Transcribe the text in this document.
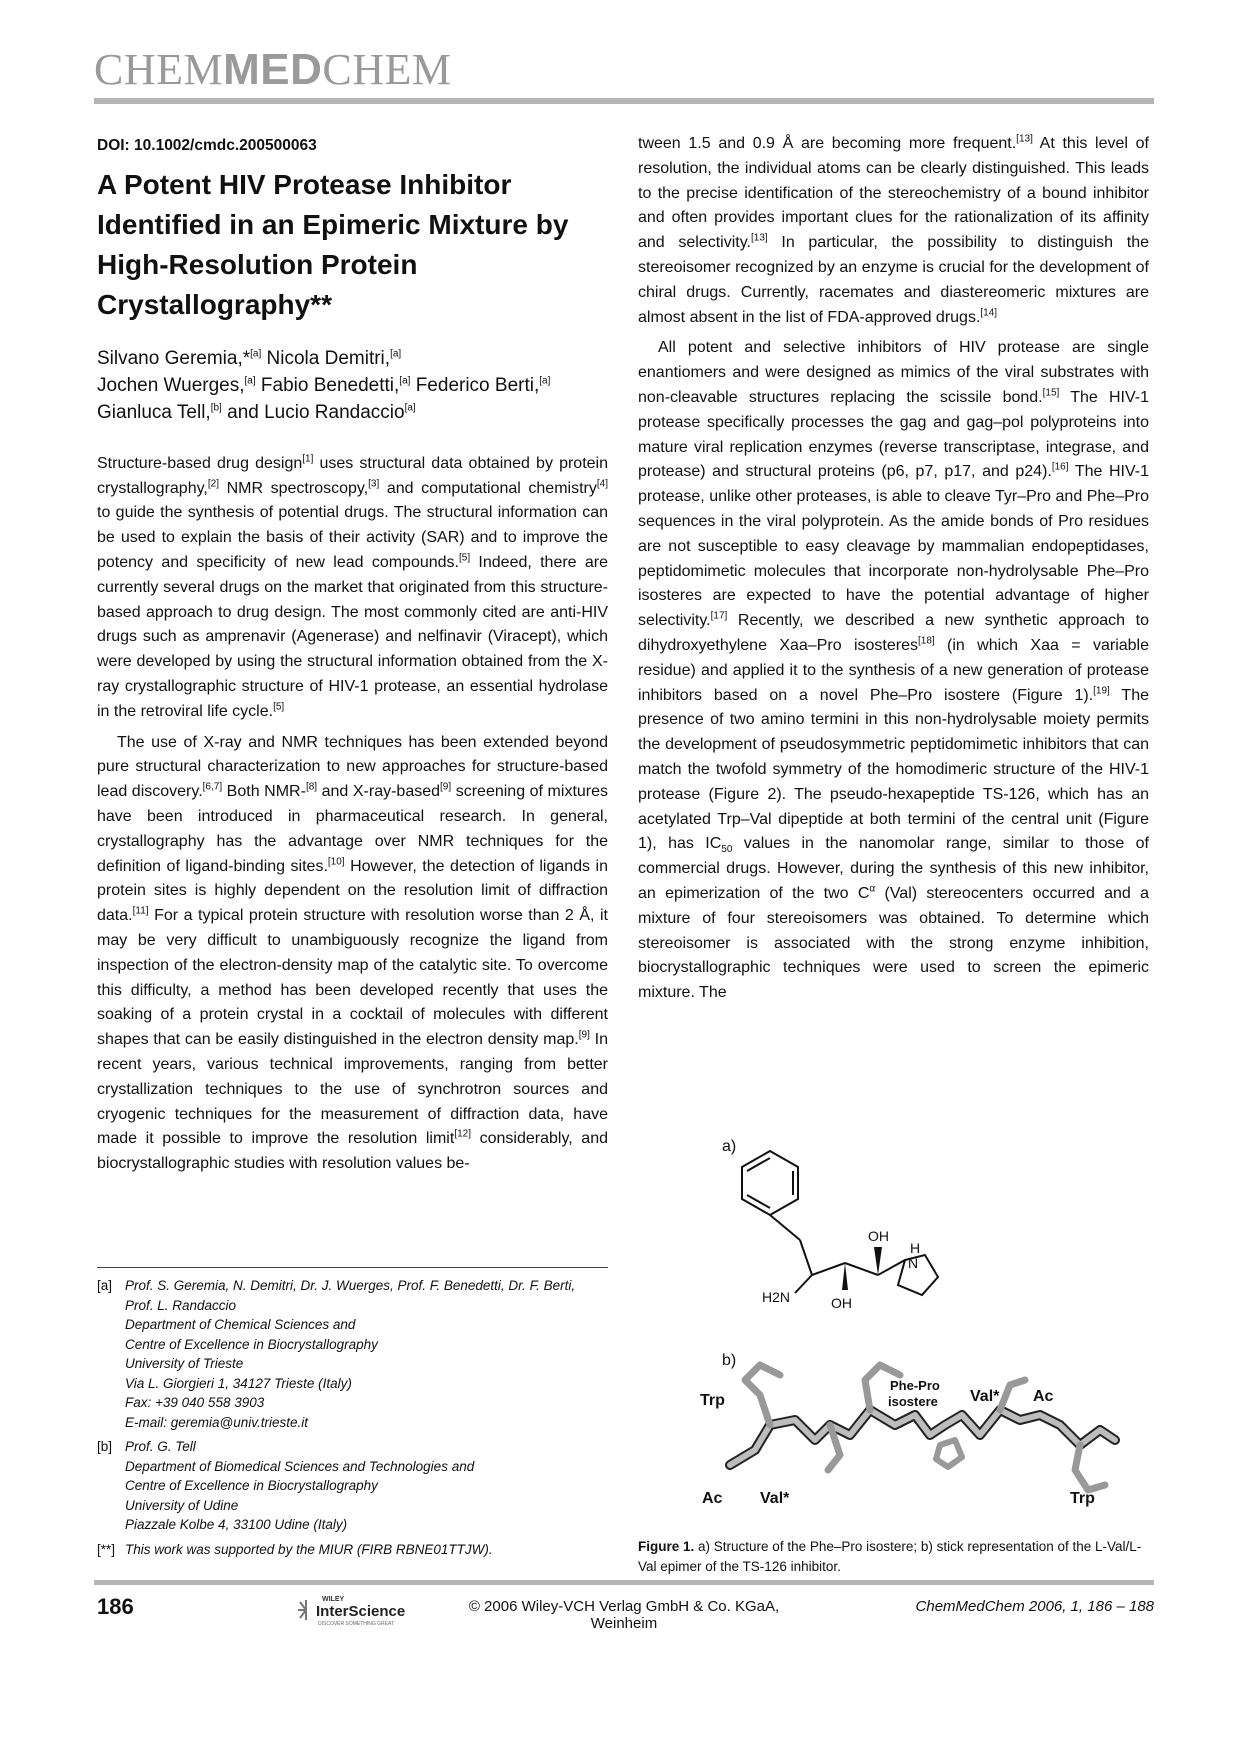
CHEMMEDCHEM
DOI: 10.1002/cmdc.200500063
A Potent HIV Protease Inhibitor Identified in an Epimeric Mixture by High-Resolution Protein Crystallography**
Silvano Geremia,*[a] Nicola Demitri,[a]
Jochen Wuerges,[a] Fabio Benedetti,[a] Federico Berti,[a]
Gianluca Tell,[b] and Lucio Randaccio[a]

Structure-based drug design[1] uses structural data obtained by protein crystallography,[2] NMR spectroscopy,[3] and computational chemistry[4] to guide the synthesis of potential drugs. The structural information can be used to explain the basis of their activity (SAR) and to improve the potency and specificity of new lead compounds.[5] Indeed, there are currently several drugs on the market that originated from this structure-based approach to drug design. The most commonly cited are anti-HIV drugs such as amprenavir (Agenerase) and nelfinavir (Viracept), which were developed by using the structural information obtained from the X-ray crystallographic structure of HIV-1 protease, an essential hydrolase in the retroviral life cycle.[5]

The use of X-ray and NMR techniques has been extended beyond pure structural characterization to new approaches for structure-based lead discovery.[6,7] Both NMR-[8] and X-ray-based[9] screening of mixtures have been introduced in pharmaceutical research. In general, crystallography has the advantage over NMR techniques for the definition of ligand-binding sites.[10] However, the detection of ligands in protein sites is highly dependent on the resolution limit of diffraction data.[11] For a typical protein structure with resolution worse than 2 Å, it may be very difficult to unambiguously recognize the ligand from inspection of the electron-density map of the catalytic site. To overcome this difficulty, a method has been developed recently that uses the soaking of a protein crystal in a cocktail of molecules with different shapes that can be easily distinguished in the electron density map.[9] In recent years, various technical improvements, ranging from better crystallization techniques to the use of synchrotron sources and cryogenic techniques for the measurement of diffraction data, have made it possible to improve the resolution limit[12] considerably, and biocrystallographic studies with resolution values be-

[a] Prof. S. Geremia, N. Demitri, Dr. J. Wuerges, Prof. F. Benedetti, Dr. F. Berti,
Prof. L. Randaccio
Department of Chemical Sciences and
Centre of Excellence in Biocrystallography
University of Trieste
Via L. Giorgieri 1, 34127 Trieste (Italy)
Fax: +39 040 558 3903
E-mail: geremia@univ.trieste.it
[b] Prof. G. Tell
Department of Biomedical Sciences and Technologies and
Centre of Excellence in Biocrystallography
University of Udine
Piazzale Kolbe 4, 33100 Udine (Italy)
[**] This work was supported by the MIUR (FIRB RBNE01TTJW).

tween 1.5 and 0.9 Å are becoming more frequent.[13] At this level of resolution, the individual atoms can be clearly distinguished. This leads to the precise identification of the stereochemistry of a bound inhibitor and often provides important clues for the rationalization of its affinity and selectivity.[13] In particular, the possibility to distinguish the stereoisomer recognized by an enzyme is crucial for the development of chiral drugs. Currently, racemates and diastereomeric mixtures are almost absent in the list of FDA-approved drugs.[14]

All potent and selective inhibitors of HIV protease are single enantiomers and were designed as mimics of the viral substrates with non-cleavable structures replacing the scissile bond.[15] The HIV-1 protease specifically processes the gag and gag–pol polyproteins into mature viral replication enzymes (reverse transcriptase, integrase, and protease) and structural proteins (p6, p7, p17, and p24).[16] The HIV-1 protease, unlike other proteases, is able to cleave Tyr–Pro and Phe–Pro sequences in the viral polyprotein. As the amide bonds of Pro residues are not susceptible to easy cleavage by mammalian endopeptidases, peptidomimetic molecules that incorporate non-hydrolysable Phe–Pro isosteres are expected to have the potential advantage of higher selectivity.[17] Recently, we described a new synthetic approach to dihydroxyethylene Xaa–Pro isosteres[18] (in which Xaa = variable residue) and applied it to the synthesis of a new generation of protease inhibitors based on a novel Phe–Pro isostere (Figure 1).[19] The presence of two amino termini in this non-hydrolysable moiety permits the development of pseudosymmetric peptidomimetic inhibitors that can match the twofold symmetry of the homodimeric structure of the HIV-1 protease (Figure 2). The pseudo-hexapeptide TS-126, which has an acetylated Trp–Val dipeptide at both termini of the central unit (Figure 1), has $IC_{50}$ values in the nanomolar range, similar to those of commercial drugs. However, during the synthesis of this new inhibitor, an epimerization of the two $C^\alpha$ (Val) stereocenters occurred and a mixture of four stereoisomers was obtained. To determine which stereoisomer is associated with the strong enzyme inhibition, biocrystallographic techniques were used to screen the epimeric mixture. The

a)
b)
OH
H
N
H2N	OH
Trp
Ac Val*
Phe-Pro
isostere Val* Ac
Trp
Figure 1. a) Structure of the Phe–Pro isostere; b) stick representation of the L-Val/L-Val epimer of the TS-126 inhibitor.
186	WILEY
InterScience
DISCOVER SOMETHING GREAT
© 2006 Wiley-VCH Verlag GmbH & Co. KGaA, Weinheim
ChemMedChem 2006, 1, 186 – 188
